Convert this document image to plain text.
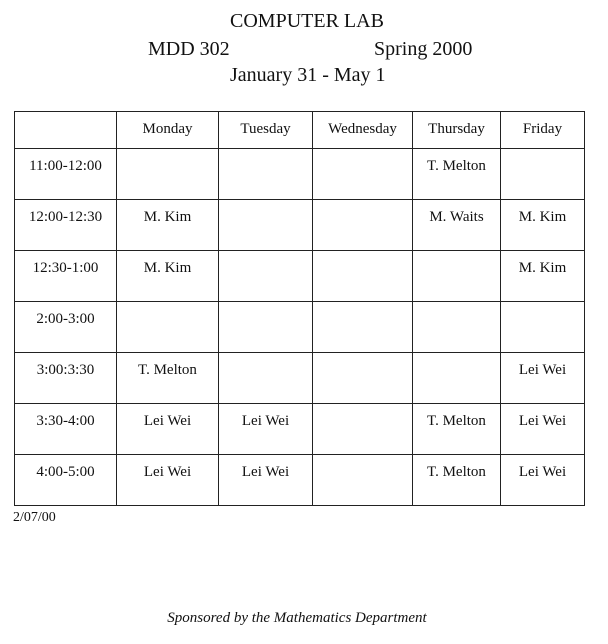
COMPUTER LAB
MDD 302	Spring 2000
January 31 - May 1
	Monday	Tuesday	Wednesday	Thursday	Friday
11:00-12:00				T. Melton	
12:00-12:30	M. Kim			M. Waits	M. Kim
12:30-1:00	M. Kim				M. Kim
2:00-3:00					
3:00:3:30	T. Melton				Lei Wei
3:30-4:00	Lei Wei	Lei Wei		T. Melton	Lei Wei
4:00-5:00	Lei Wei	Lei Wei		T. Melton	Lei Wei
2/07/00
Sponsored by the Mathematics Department
